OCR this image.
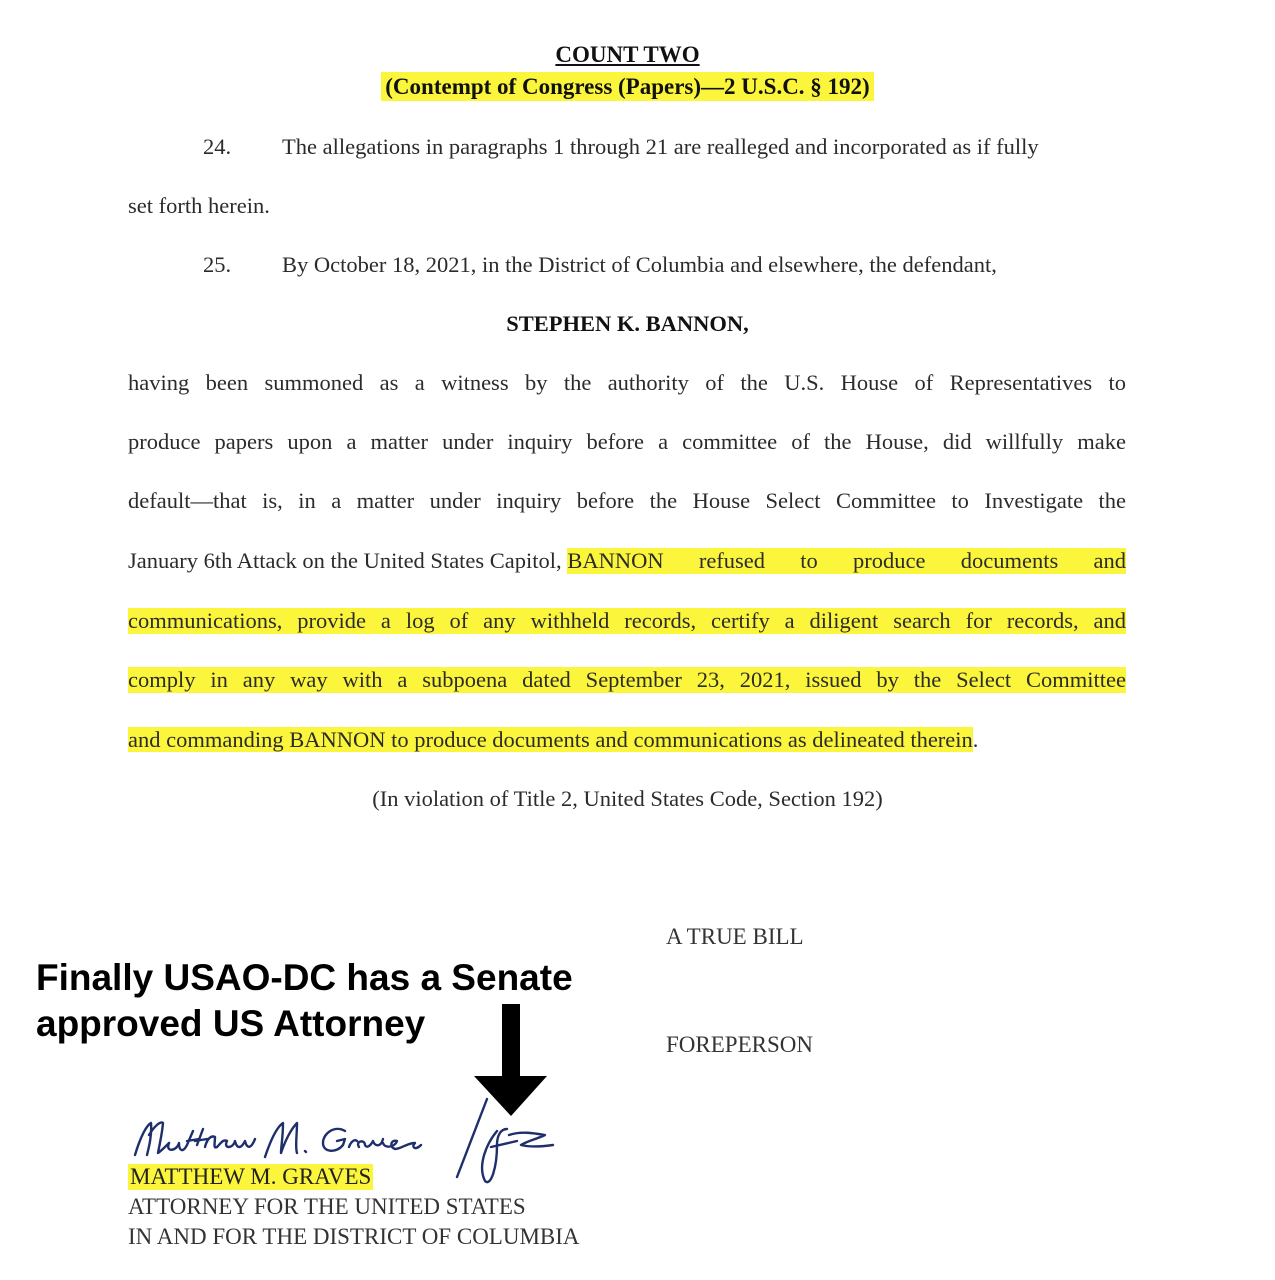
COUNT TWO
(Contempt of Congress (Papers)—2 U.S.C. § 192)
24. The allegations in paragraphs 1 through 21 are realleged and incorporated as if fully
set forth herein.
25. By October 18, 2021, in the District of Columbia and elsewhere, the defendant,
STEPHEN K. BANNON,
having been summoned as a witness by the authority of the U.S. House of Representatives to
produce papers upon a matter under inquiry before a committee of the House, did willfully make
default—that is, in a matter under inquiry before the House Select Committee to Investigate the
January 6th Attack on the United States Capitol, BANNON refused to produce documents and
communications, provide a log of any withheld records, certify a diligent search for records, and
comply in any way with a subpoena dated September 23, 2021, issued by the Select Committee
and commanding BANNON to produce documents and communications as delineated therein.
(In violation of Title 2, United States Code, Section 192)
A TRUE BILL
FOREPERSON
Finally USAO-DC has a Senate
approved US Attorney
MATTHEW M. GRAVES
ATTORNEY FOR THE UNITED STATES
IN AND FOR THE DISTRICT OF COLUMBIA
